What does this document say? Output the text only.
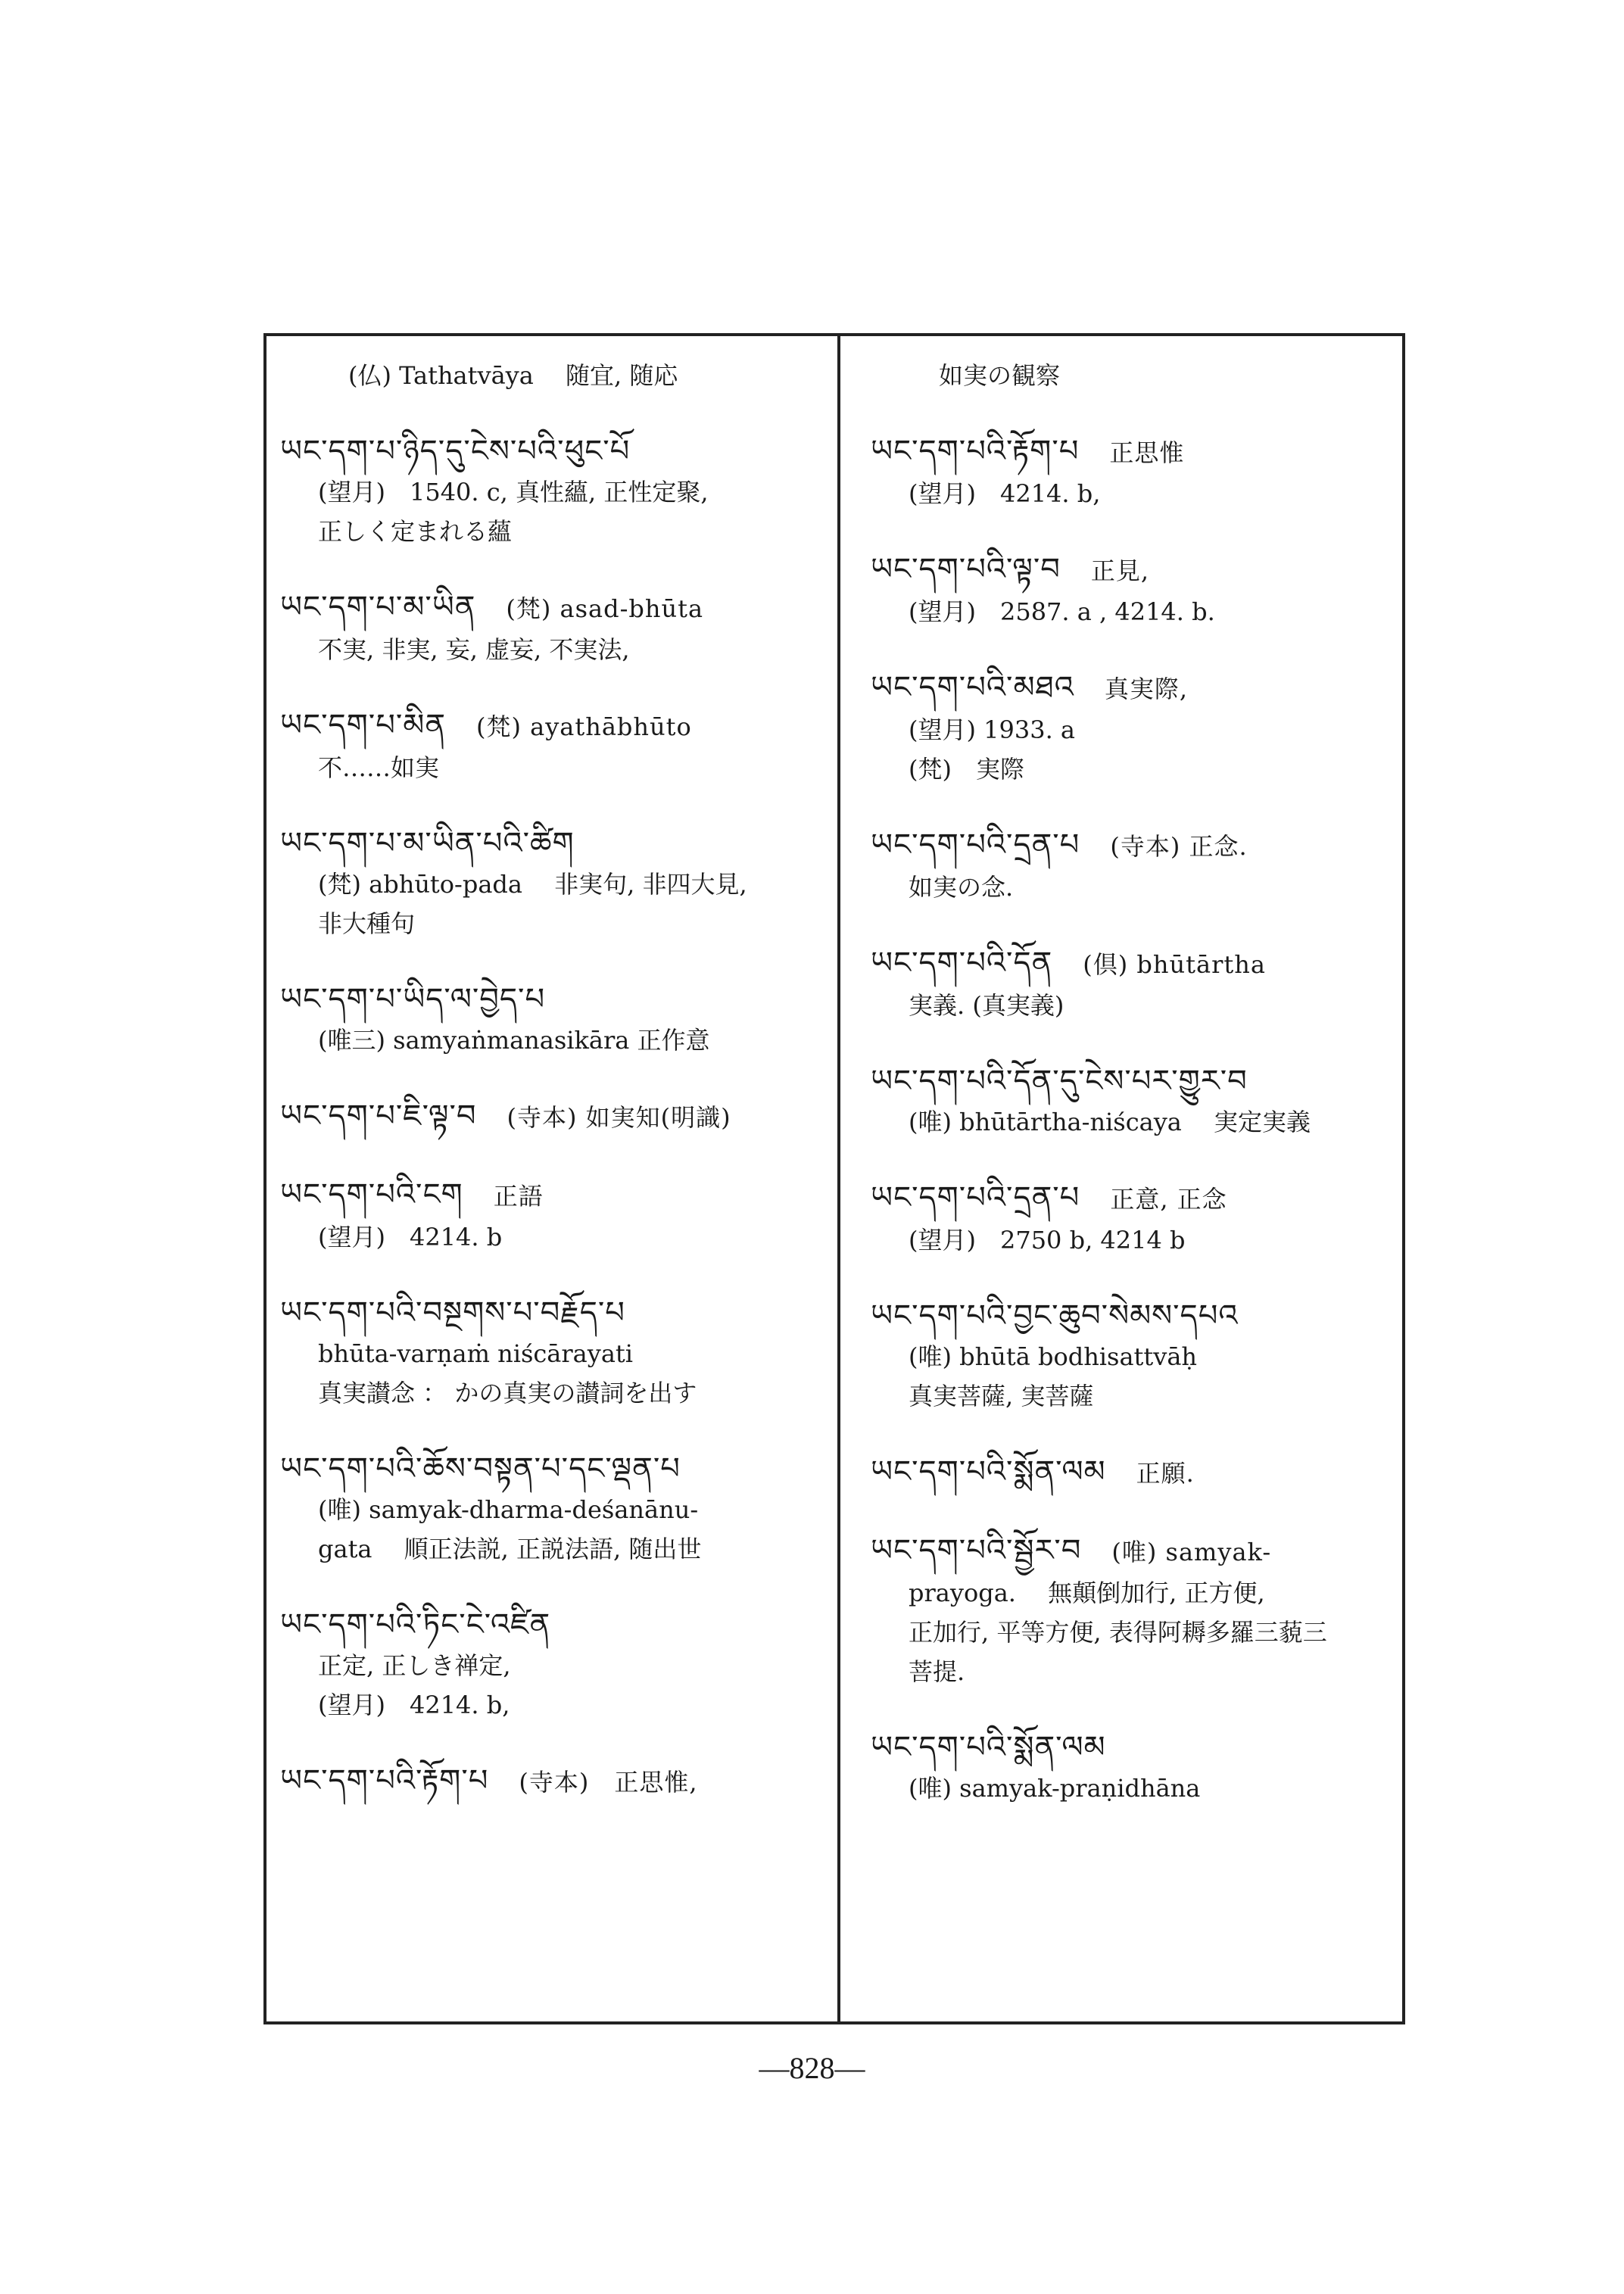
(仏) Tathatvāya　 随宜, 随応
ཡང་དག་པ་ཉིད་དུ་ངེས་པའི་ཕུང་པོ
(望月)　1540. c, 真性蘊, 正性定聚,
正しく定まれる蘊
ཡང་དག་པ་མ་ཡིན (梵) asad-bhūta
不実, 非実, 妄, 虚妄, 不実法,
ཡང་དག་པ་མིན (梵) ayathābhūto
不……如実
ཡང་དག་པ་མ་ཡིན་པའི་ཚིག
(梵) abhūto-pada　 非実句, 非四大見,
非大種句
ཡང་དག་པ་ཡིད་ལ་བྱེད་པ
(唯三) samyaṅmanasikāra 正作意
ཡང་དག་པ་ཇི་ལྟ་བ (寺本) 如実知(明識)
ཡང་དག་པའི་ངག 正語
(望月)　4214. b
ཡང་དག་པའི་བསྔགས་པ་བརྗོད་པ
bhūta-varṇaṁ niścārayati
真実讃念 ： かの真実の讃詞を出す
ཡང་དག་པའི་ཆོས་བསྟན་པ་དང་ལྡན་པ
(唯) samyak-dharma-deśanānu-
gata　 順正法説, 正説法語, 随出世
ཡང་དག་པའི་ཏིང་ངེ་འཛིན
正定, 正しき禅定,
(望月)　4214. b,
ཡང་དག་པའི་རྟོག་པ (寺本)　正思惟,
如実の観察
ཡང་དག་པའི་རྟོག་པ 正思惟
(望月)　4214. b,
ཡང་དག་པའི་ལྟ་བ 正見,
(望月)　2587. a , 4214. b.
ཡང་དག་པའི་མཐའ 真実際,
(望月) 1933. a
(梵)　実際
ཡང་དག་པའི་དྲན་པ (寺本) 正念.
如実の念.
ཡང་དག་པའི་དོན (倶) bhūtārtha
実義. (真実義)
ཡང་དག་པའི་དོན་དུ་ངེས་པར་གྱུར་བ
(唯) bhūtārtha-niścaya　 実定実義
ཡང་དག་པའི་དྲན་པ 正意, 正念
(望月)　2750 b, 4214 b
ཡང་དག་པའི་བྱང་ཆུབ་སེམས་དཔའ
(唯) bhūtā bodhisattvāḥ
真実菩薩, 実菩薩
ཡང་དག་པའི་སྨོན་ལམ 正願.
ཡང་དག་པའི་སྦྱོར་བ (唯) samyak-
prayoga.　 無顛倒加行, 正方便,
正加行, 平等方便, 表得阿耨多羅三藐三
菩提.
ཡང་དག་པའི་སྨོན་ལམ
(唯) samyak-praṇidhāna
—828—
